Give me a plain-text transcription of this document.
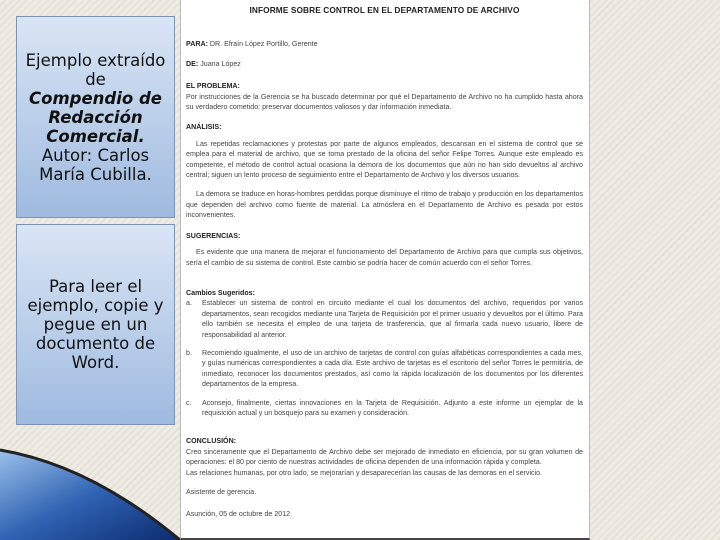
Ejemplo extraído de
Compendio de Redacción Comercial.
Autor: Carlos María Cubilla.
Para leer el ejemplo, copie y pegue en un documento de Word.
INFORME SOBRE CONTROL EN EL DEPARTAMENTO DE ARCHIVO

PARA: DR. Efraín López Portillo, Gerente

DE: Juana López

EL PROBLEMA:

Por instrucciones de la Gerencia se ha buscado determinar por qué el Departamento de Archivo no ha cumplido hasta ahora su verdadero cometido: preservar documentos valiosos y dar información inmediata.

ANÁLISIS:

Las repetidas reclamaciones y protestas por parte de algunos empleados, descansan en el sistema de control que se emplea para el material de archivo, que se toma prestado de la oficina del señor Felipe Torres. Aunque este empleado es competente, el método de control actual ocasiona la demora de los documentos que aún no han sido devueltos al archivo central; siguen un lento proceso de seguimiento entre el Departamento de Archivo y los diversos usuarios.

La demora se traduce en horas-hombres perdidas porque disminuye el ritmo de trabajo y producción en los departamentos que dependen del archivo como fuente de material. La atmósfera en el Departamento de Archivo es pesada por estos inconvenientes.

SUGERENCIAS:

Es evidente que una manera de mejorar el funcionamiento del Departamento de Archivo para que cumpla sus objetivos, sería el cambio de su sistema de control. Este cambio se podría hacer de común acuerdo con el señor Torres.

Cambios Sugeridos:
a.	Establecer un sistema de control en circuito mediante el cual los documentos del archivo, requeridos por varios departamentos, sean recogidos mediante una Tarjeta de Requisición por el primer usuario y devueltos por el último. Para ello también se necesita el empleo de una tarjeta de trasferencia, que al firmarla cada nuevo usuario, libere de responsabilidad al anterior.
b.	Recomiendo igualmente, el uso de un archivo de tarjetas de control con guías alfabéticas correspondientes a cada mes, y guías numéricas correspondientes a cada día. Este archivo de tarjetas es el escritorio del señor Torres le permitiría, de inmediato, reconocer los documentos prestados, así como la rápida localización de los documentos por los diferentes departamentos de la empresa.
c.	Aconsejo, finalmente, ciertas innovaciones en la Tarjeta de Requisición. Adjunto a este informe un ejemplar de la requisición actual y un bosquejo para su examen y consideración.
CONCLUSIÓN:
Creo sinceramente que el Departamento de Archivo debe ser mejorado de inmediato en eficiencia, por su gran volumen de operaciones: el 80 por ciento de nuestras actividades de oficina dependen de una información rápida y completa.

Las relaciones humanas, por otro lado, se mejorarían y desaparecerían las causas de las demoras en el servicio.

Asistente de gerencia.

Asunción, 05 de octubre de 2012
